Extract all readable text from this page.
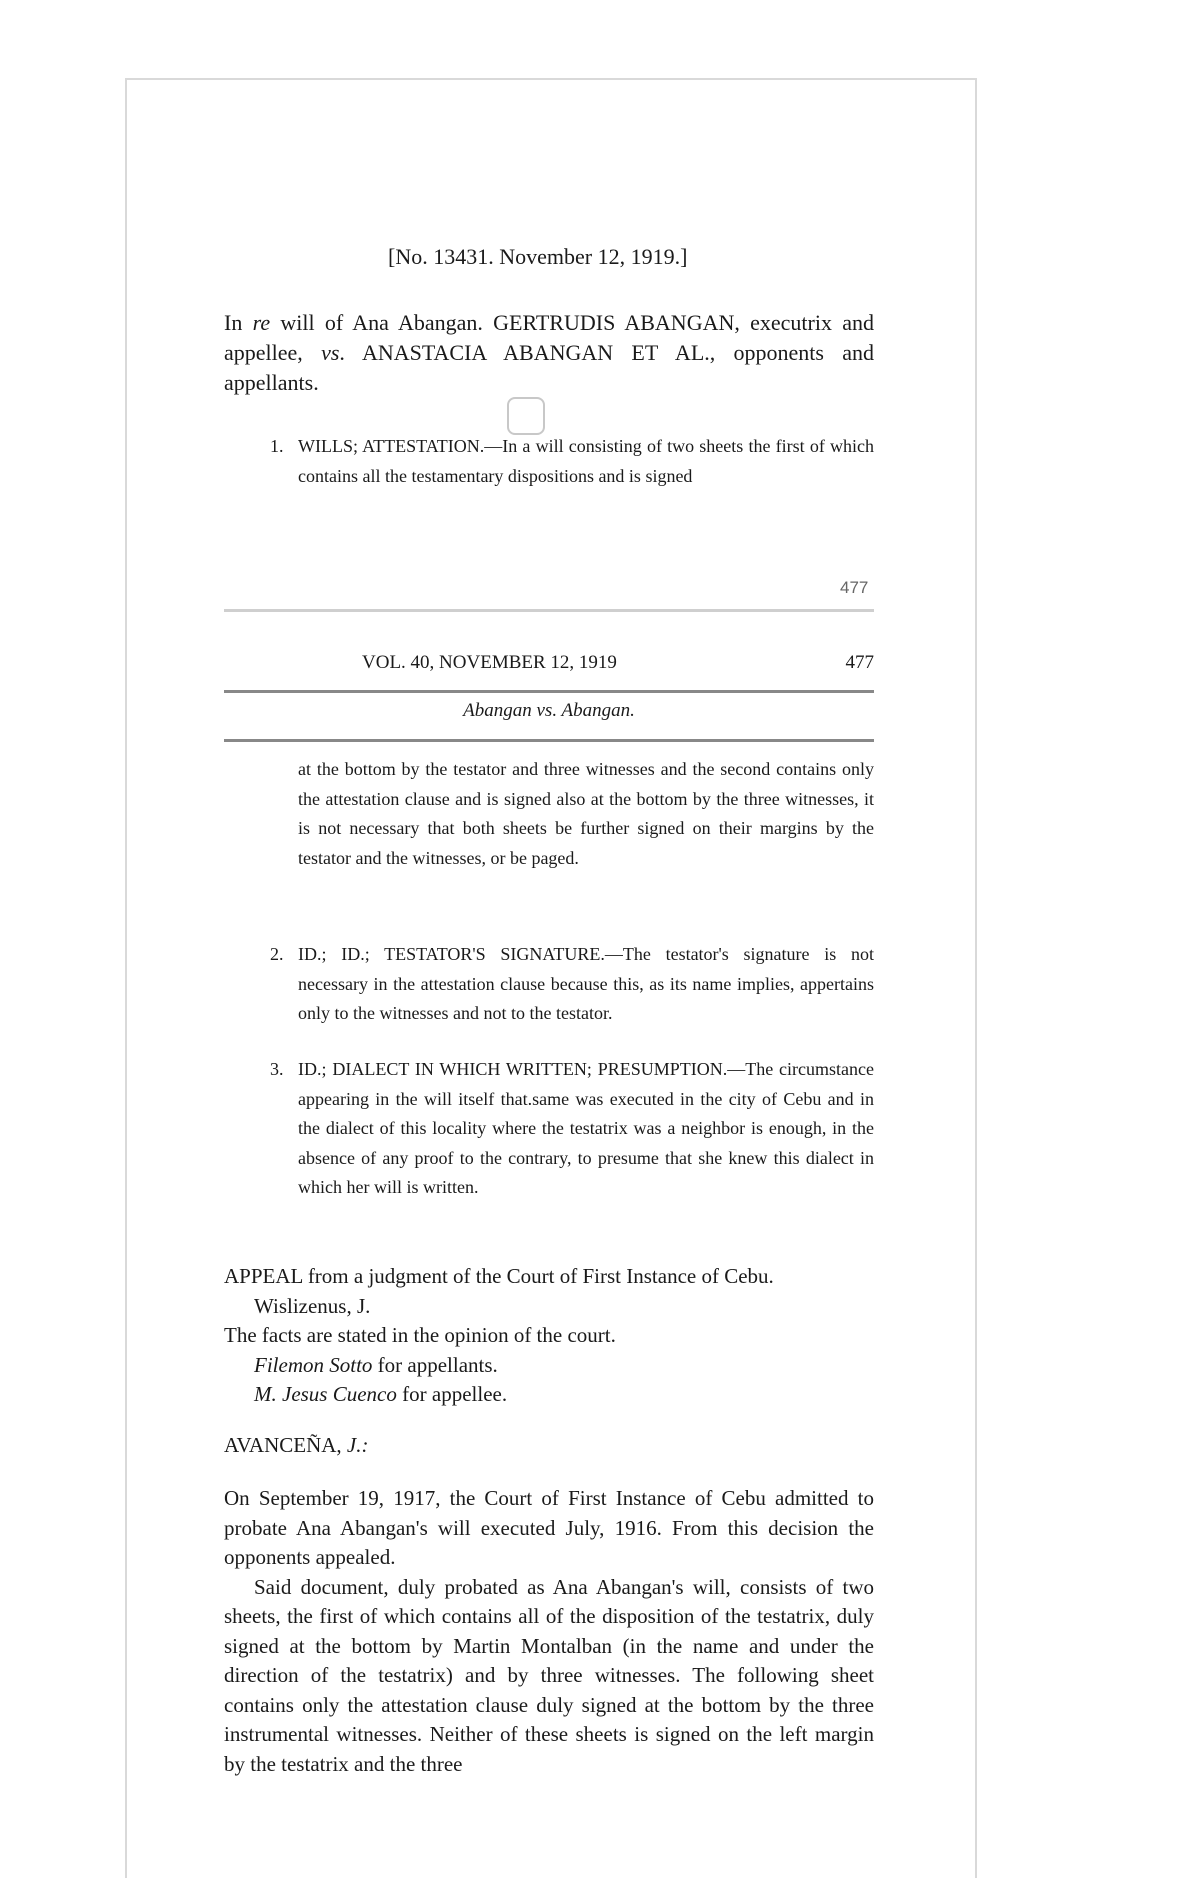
[No. 13431. November 12, 1919.]
In re will of Ana Abangan. GERTRUDIS ABANGAN, executrix and appellee, vs. ANASTACIA ABANGAN ET AL., opponents and appellants.
1. WILLS; ATTESTATION.—In a will consisting of two sheets the first of which contains all the testamentary dispositions and is signed
477
VOL. 40, NOVEMBER 12, 1919	477
Abangan vs. Abangan.
at the bottom by the testator and three witnesses and the second contains only the attestation clause and is signed also at the bottom by the three witnesses, it is not necessary that both sheets be further signed on their margins by the testator and the witnesses, or be paged.
2. ID.; ID.; TESTATOR'S SIGNATURE.—The testator's signature is not necessary in the attestation clause because this, as its name implies, appertains only to the witnesses and not to the testator.
3. ID.; DIALECT IN WHICH WRITTEN; PRESUMPTION.—The circumstance appearing in the will itself that.same was executed in the city of Cebu and in the dialect of this locality where the testatrix was a neighbor is enough, in the absence of any proof to the contrary, to presume that she knew this dialect in which her will is written.

APPEAL from a judgment of the Court of First Instance of Cebu.

Wislizenus, J.

The facts are stated in the opinion of the court.

Filemon Sotto for appellants.

M. Jesus Cuenco for appellee.

AVANCEÑA, J.:

On September 19, 1917, the Court of First Instance of Cebu admitted to probate Ana Abangan's will executed July, 1916. From this decision the opponents appealed.

Said document, duly probated as Ana Abangan's will, consists of two sheets, the first of which contains all of the disposition of the testatrix, duly signed at the bottom by Martin Montalban (in the name and under the direction of the testatrix) and by three witnesses. The following sheet contains only the attestation clause duly signed at the bottom by the three instrumental witnesses. Neither of these sheets is signed on the left margin by the testatrix and the three
